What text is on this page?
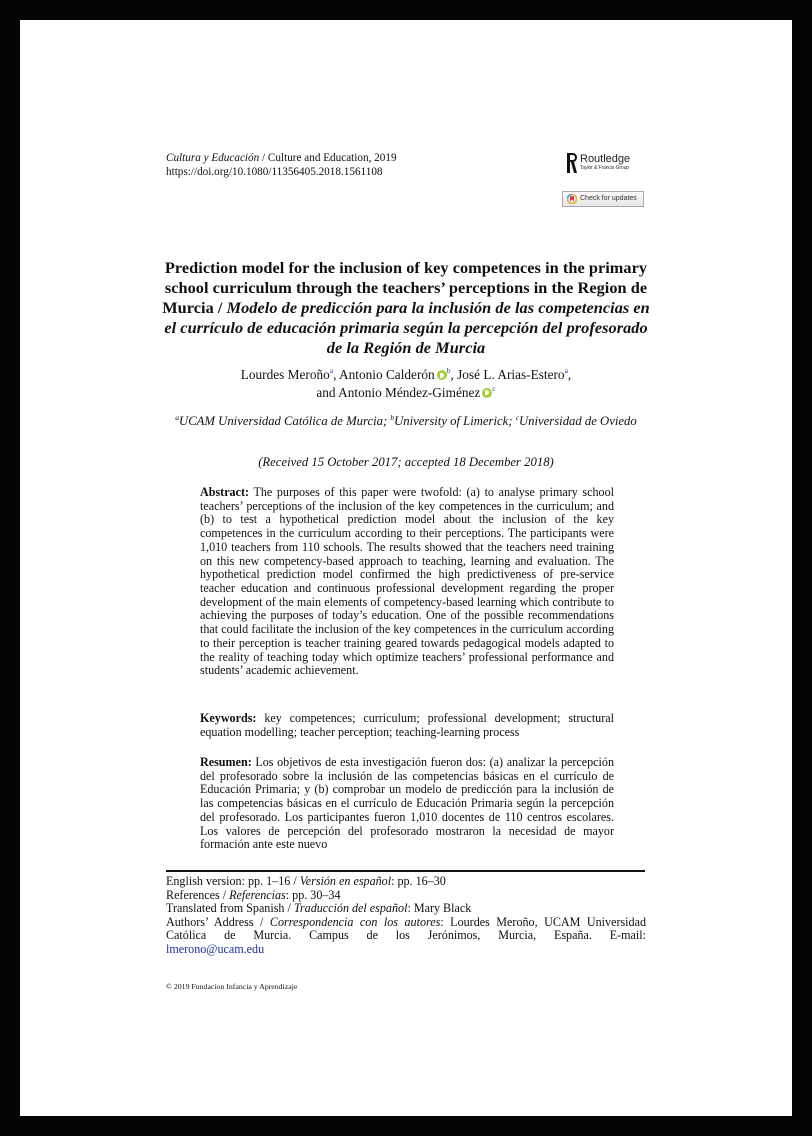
Cultura y Educación / Culture and Education, 2019
https://doi.org/10.1080/11356405.2018.1561108
Routledge
Taylor & Francis Group
Check for updates
Prediction model for the inclusion of key competences in the primary school curriculum through the teachers’ perceptions in the Region de Murcia / Modelo de predicción para la inclusión de las competencias en el currículo de educación primaria según la percepción del profesorado de la Región de Murcia
Lourdes Meroño$^a$, Antonio Calderón $^b$, José L. Arias-Estero$^a$,
and Antonio Méndez-Giménez $^c$
$^a$UCAM Universidad Católica de Murcia; $^b$University of Limerick; $^c$Universidad de Oviedo
(Received 15 October 2017; accepted 18 December 2018)
Abstract: The purposes of this paper were twofold: (a) to analyse primary school teachers’ perceptions of the inclusion of the key competences in the curriculum; and (b) to test a hypothetical prediction model about the inclusion of the key competences in the curriculum according to their perceptions. The participants were 1,010 teachers from 110 schools. The results showed that the teachers need training on this new competency-based approach to teaching, learning and evaluation. The hypothetical prediction model confirmed the high predictiveness of pre-service teacher education and continuous professional development regarding the proper development of the main elements of competency-based learning which contribute to achieving the purposes of today’s education. One of the possible recommendations that could facilitate the inclusion of the key competences in the curriculum according to their perception is teacher training geared towards pedagogical models adapted to the reality of teaching today which optimize teachers’ professional performance and students’ academic achievement.
Keywords: key competences; curriculum; professional development; structural equation modelling; teacher perception; teaching-learning process
Resumen: Los objetivos de esta investigación fueron dos: (a) analizar la percepción del profesorado sobre la inclusión de las competencias básicas en el currículo de Educación Primaria; y (b) comprobar un modelo de predicción para la inclusión de las competencias básicas en el currículo de Educación Primaria según la percepción del profesorado. Los participantes fueron 1,010 docentes de 110 centros escolares. Los valores de percepción del profesorado mostraron la necesidad de mayor formación ante este nuevo
English version: pp. 1–16 / Versión en español: pp. 16–30
References / Referencias: pp. 30–34
Translated from Spanish / Traducción del español: Mary Black
Authors’ Address / Correspondencia con los autores: Lourdes Meroño, UCAM Universidad Católica de Murcia. Campus de los Jerónimos, Murcia, España. E-mail:
lmerono@ucam.edu
© 2019 Fundacion Infancia y Aprendizaje
